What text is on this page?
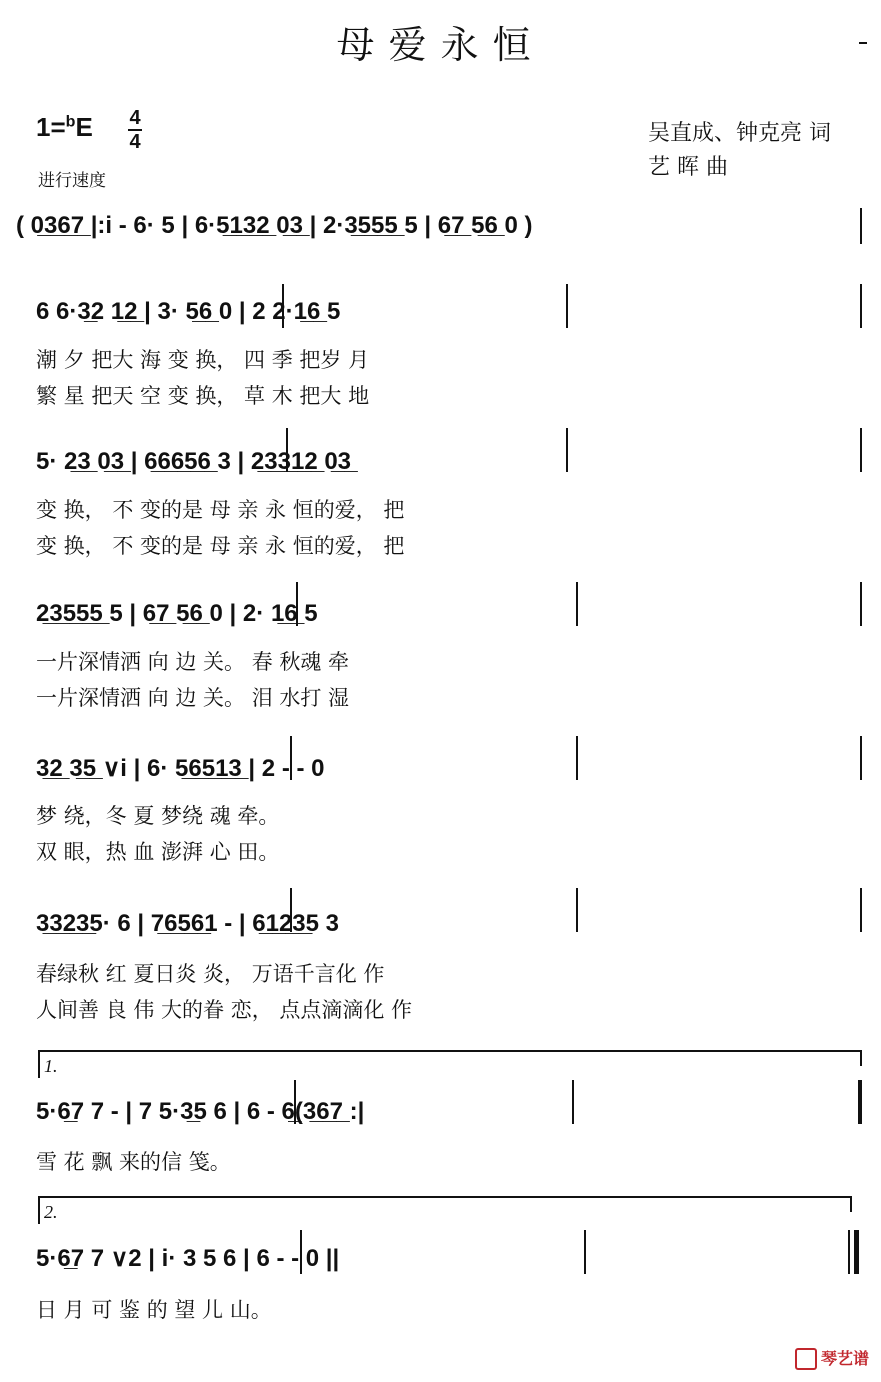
母爱永恒
1=$^b$E 4
4
进行速度
吴直成、钟克亮 词
艺 晖 曲
( 0̲3̲6̲7̲ |:i - 6· 5 | 6·5̲1̲3̲2̲ 0̲3̲ | 2·3̲5̲5̲5̲ 5 | 6̲7̲ 5̲6̲ 0 )
6 6·3̲2 1̲2̲ | 3· 5̲6̲ 0 | 2 2·1̲6̲ 5
潮 夕 把大 海 变 换， 四 季 把岁 月
繁 星 把天 空 变 换， 草 木 把大 地
5· 2̲3̲ 0̲3̲ | 6̲6̲6̲5̲6̲ 3 | 2̲3̲3̲1̲2̲ 0̲3̲
变 换， 不 变的是 母 亲 永 恒的爱， 把
变 换， 不 变的是 母 亲 永 恒的爱， 把
2̲3̲5̲5̲5̲ 5 | 6̲7̲ 5̲6̲ 0 | 2· 1̲6̲ 5
一片深情洒 向 边 关。 春 秋魂 牵
一片深情洒 向 边 关。 泪 水打 湿
3̲2̲ 3̲5̲ ∨i | 6· 5̲6̲5̲1̲3̲ | 2 - - 0
梦 绕，冬 夏 梦绕 魂 牵。
双 眼，热 血 澎湃 心 田。
3̲3̲2̲3̲5· 6 | 7̲6̲5̲6̲1 - | 6̲1̲2̲3̲5 3
春绿秋 红 夏日炎 炎， 万语千言化 作
人间善 良 伟 大的眷 恋， 点点滴滴化 作
1.
5·6̲7 7 - | 7 5·3̲5 6 | 6 - 6̲(3̲6̲7̲ :|
雪 花 飘 来的信 笺。
2.
5·6̲7 7 ∨2 | i· 3 5 6 | 6 - - 0 ||
日 月 可 鉴 的 望 儿 山。
琴艺谱
